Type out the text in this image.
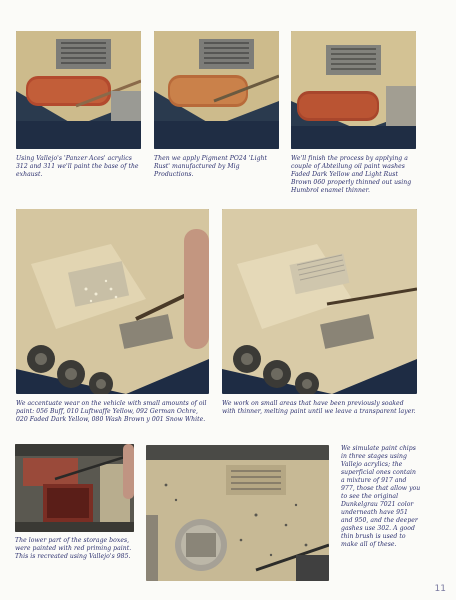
Using Vallejo's 'Panzer Aces' acrylics 312 and 311 we'll paint the base of the exhaust.
Then we apply Pigment PO24 'Light Rust' manufactured by Mig Productions.
We'll finish the process by applying a couple of Abteilung oil paint washes Faded Dark Yellow and Light Rust Brown 060 properly thinned out using Humbrol enamel thinner.
We accentuate wear on the vehicle with small amounts of oil paint: 056 Buff, 010 Luftwaffe Yellow, 092 German Ochre, 020 Faded Dark Yellow, 080 Wash Brown y 001 Snow White.
We work on small areas that have been previously soaked with thinner, melting paint until we leave a transparent layer.
The lower part of the storage boxes, were painted with red priming paint. This is recreated using Vallejo's 985.
We simulate paint chips in three stages using Vallejo acrylics; the superficial ones contain a mixture of 917 and 977, those that allow you to see the original Dunkelgrau 7021 color underneath have 951 and 950, and the deeper gashes use 302. A good thin brush is used to make all of these.
11
